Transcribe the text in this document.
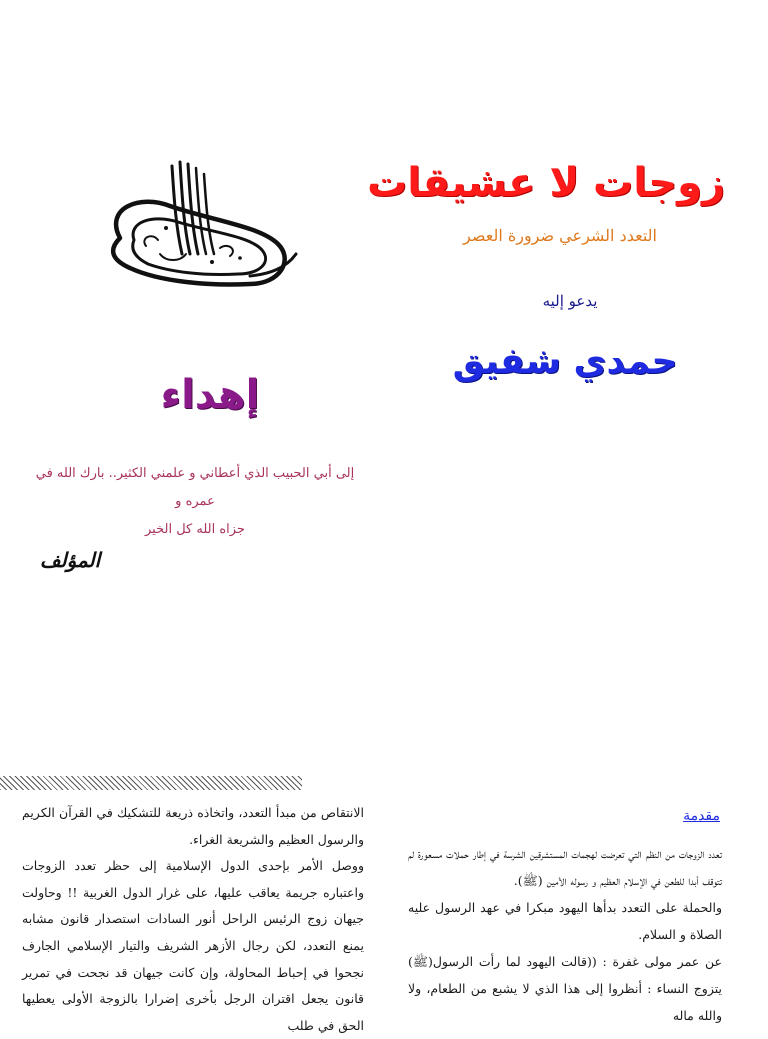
زوجات لا عشيقات
التعدد الشرعي ضرورة العصر
يدعو إليه
حمدي شفيق
إهداء
إلى أبي الحبيب الذي أعطاني و علمني الكثير.. بارك الله في عمره و
جزاه الله كل الخير
المؤلف

الانتقاص من مبدأ التعدد، واتخاذه ذريعة للتشكيك في القرآن الكريم والرسول العظيم والشريعة الغراء.

ووصل الأمر بإحدى الدول الإسلامية إلى حظر تعدد الزوجات واعتباره جريمة يعاقب عليها، على غرار الدول الغربية !! وحاولت جيهان زوج الرئيس الراحل أنور السادات استصدار قانون مشابه يمنع التعدد، لكن رجال الأزهر الشريف والتيار الإسلامي الجارف نجحوا في إحباط المحاولة، وإن كانت جيهان قد نجحت في تمرير قانون يجعل اقتران الرجل بأخرى إضرارا بالزوجة الأولى يعطيها الحق في طلب

مقدمة

تعدد الزوجات من النظم التي تعرضت لهجمات المستشرقين الشرسة في إطار حملات مسعورة لم تتوقف أبدا للطعن في الإسلام العظيم و رسوله الأمين (ﷺ).

والحملة على التعدد بدأها اليهود مبكرا في عهد الرسول عليه الصلاة و السلام.

عن عمر مولى غفرة : ((قالت اليهود لما رأت الرسول(ﷺ) يتزوج النساء : أنظروا إلى هذا الذي لا يشبع من الطعام، ولا والله ماله
